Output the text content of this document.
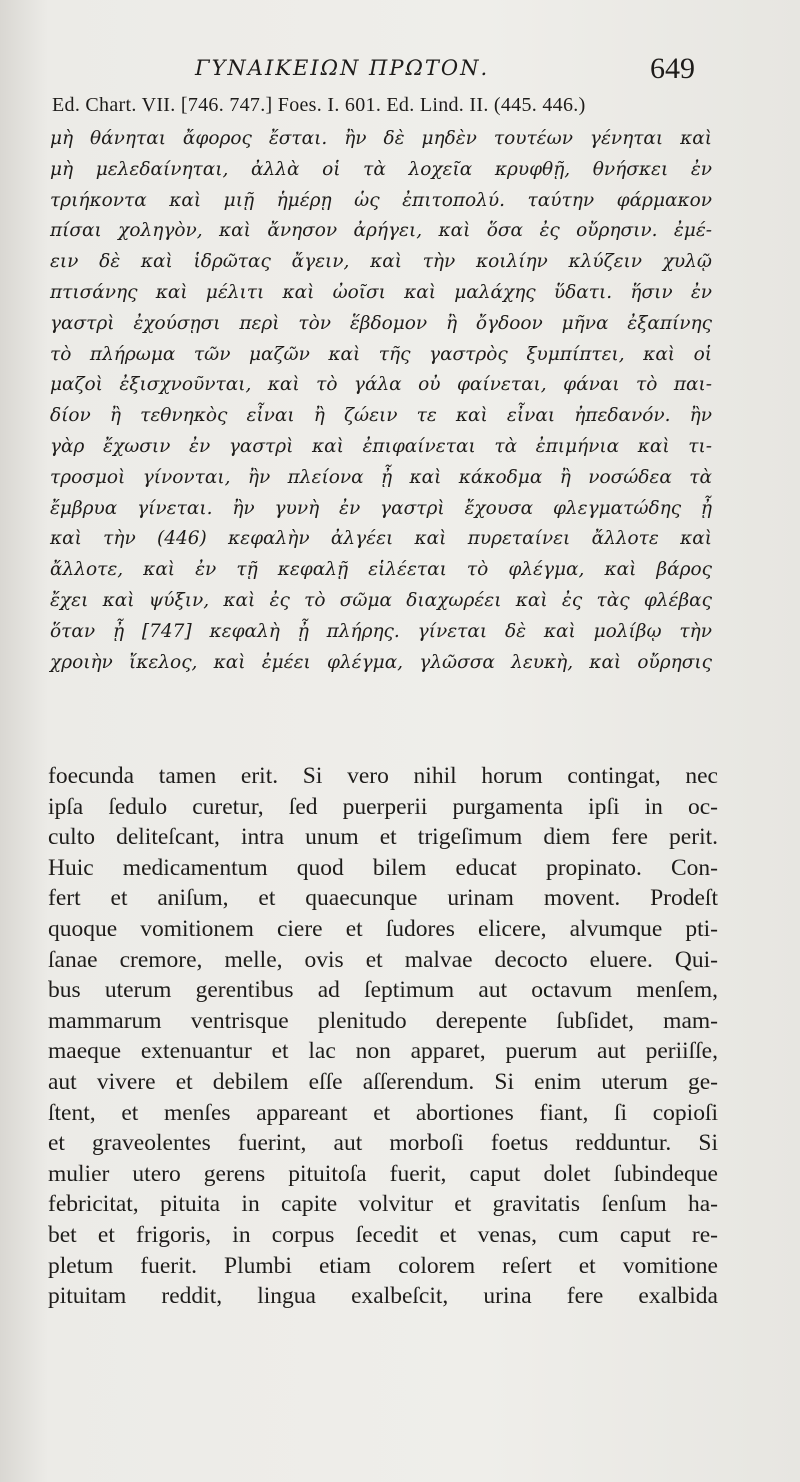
ΓΥΝΑΙΚΕΙΩΝ ΠΡΩΤΟΝ.	649
Ed. Chart. VII. [746. 747.] Foes. I. 601. Ed. Lind. II. (445. 446.)
μὴ θάνηται ἄφορος ἔσται. ἢν δὲ μηδὲν τουτέων γένηται καὶ
μὴ μελεδαίνηται, ἀλλὰ οἱ τὰ λοχεῖα κρυφθῇ, θνήσκει ἐν
τριήκοντα καὶ μιῇ ἡμέρῃ ὡς ἐπιτοπολύ. ταύτην φάρμακον
πίσαι χοληγὸν, καὶ ἄνησον ἀρήγει, καὶ ὅσα ἐς οὔρησιν. ἐμέ-
ειν δὲ καὶ ἱδρῶτας ἄγειν, καὶ τὴν κοιλίην κλύζειν χυλῷ
πτισάνης καὶ μέλιτι καὶ ὠοῖσι καὶ μαλάχης ὕδατι. ἥσιν ἐν
γαστρὶ ἐχούσῃσι περὶ τὸν ἕβδομον ἢ ὄγδοον μῆνα ἐξαπίνης
τὸ πλήρωμα τῶν μαζῶν καὶ τῆς γαστρὸς ξυμπίπτει, καὶ οἱ
μαζοὶ ἐξισχνοῦνται, καὶ τὸ γάλα οὐ φαίνεται, φάναι τὸ παι-
δίον ἢ τεθνηκὸς εἶναι ἢ ζώειν τε καὶ εἶναι ἠπεδανόν. ἢν
γὰρ ἔχωσιν ἐν γαστρὶ καὶ ἐπιφαίνεται τὰ ἐπιμήνια καὶ τι-
τροσμοὶ γίνονται, ἢν πλείονα ᾖ καὶ κάκοδμα ἢ νοσώδεα τὰ
ἔμβρυα γίνεται. ἢν γυνὴ ἐν γαστρὶ ἔχουσα φλεγματώδης ᾖ
καὶ τὴν (446) κεφαλὴν ἀλγέει καὶ πυρεταίνει ἄλλοτε καὶ
ἄλλοτε, καὶ ἐν τῇ κεφαλῇ εἱλέεται τὸ φλέγμα, καὶ βάρος
ἔχει καὶ ψύξιν, καὶ ἐς τὸ σῶμα διαχωρέει καὶ ἐς τὰς φλέβας
ὅταν ᾖ [747] κεφαλὴ ᾖ πλήρης. γίνεται δὲ καὶ μολίβῳ τὴν
χροιὴν ἴκελος, καὶ ἐμέει φλέγμα, γλῶσσα λευκὴ, καὶ οὔρησις
foecunda tamen erit. Si vero nihil horum contingat, nec
ipſa ſedulo curetur, ſed puerperii purgamenta ipſi in oc-
culto deliteſcant, intra unum et trigeſimum diem fere perit.
Huic medicamentum quod bilem educat propinato. Con-
fert et aniſum, et quaecunque urinam movent. Prodeſt
quoque vomitionem ciere et ſudores elicere, alvumque pti-
ſanae cremore, melle, ovis et malvae decocto eluere. Qui-
bus uterum gerentibus ad ſeptimum aut octavum menſem,
mammarum ventrisque plenitudo derepente ſubſidet, mam-
maeque extenuantur et lac non apparet, puerum aut periiſſe,
aut vivere et debilem eſſe aſſerendum. Si enim uterum ge-
ſtent, et menſes appareant et abortiones fiant, ſi copioſi
et graveolentes fuerint, aut morboſi foetus redduntur. Si
mulier utero gerens pituitoſa fuerit, caput dolet ſubindeque
febricitat, pituita in capite volvitur et gravitatis ſenſum ha-
bet et frigoris, in corpus ſecedit et venas, cum caput re-
pletum fuerit. Plumbi etiam colorem reſert et vomitione
pituitam reddit, lingua exalbeſcit, urina fere exalbida
